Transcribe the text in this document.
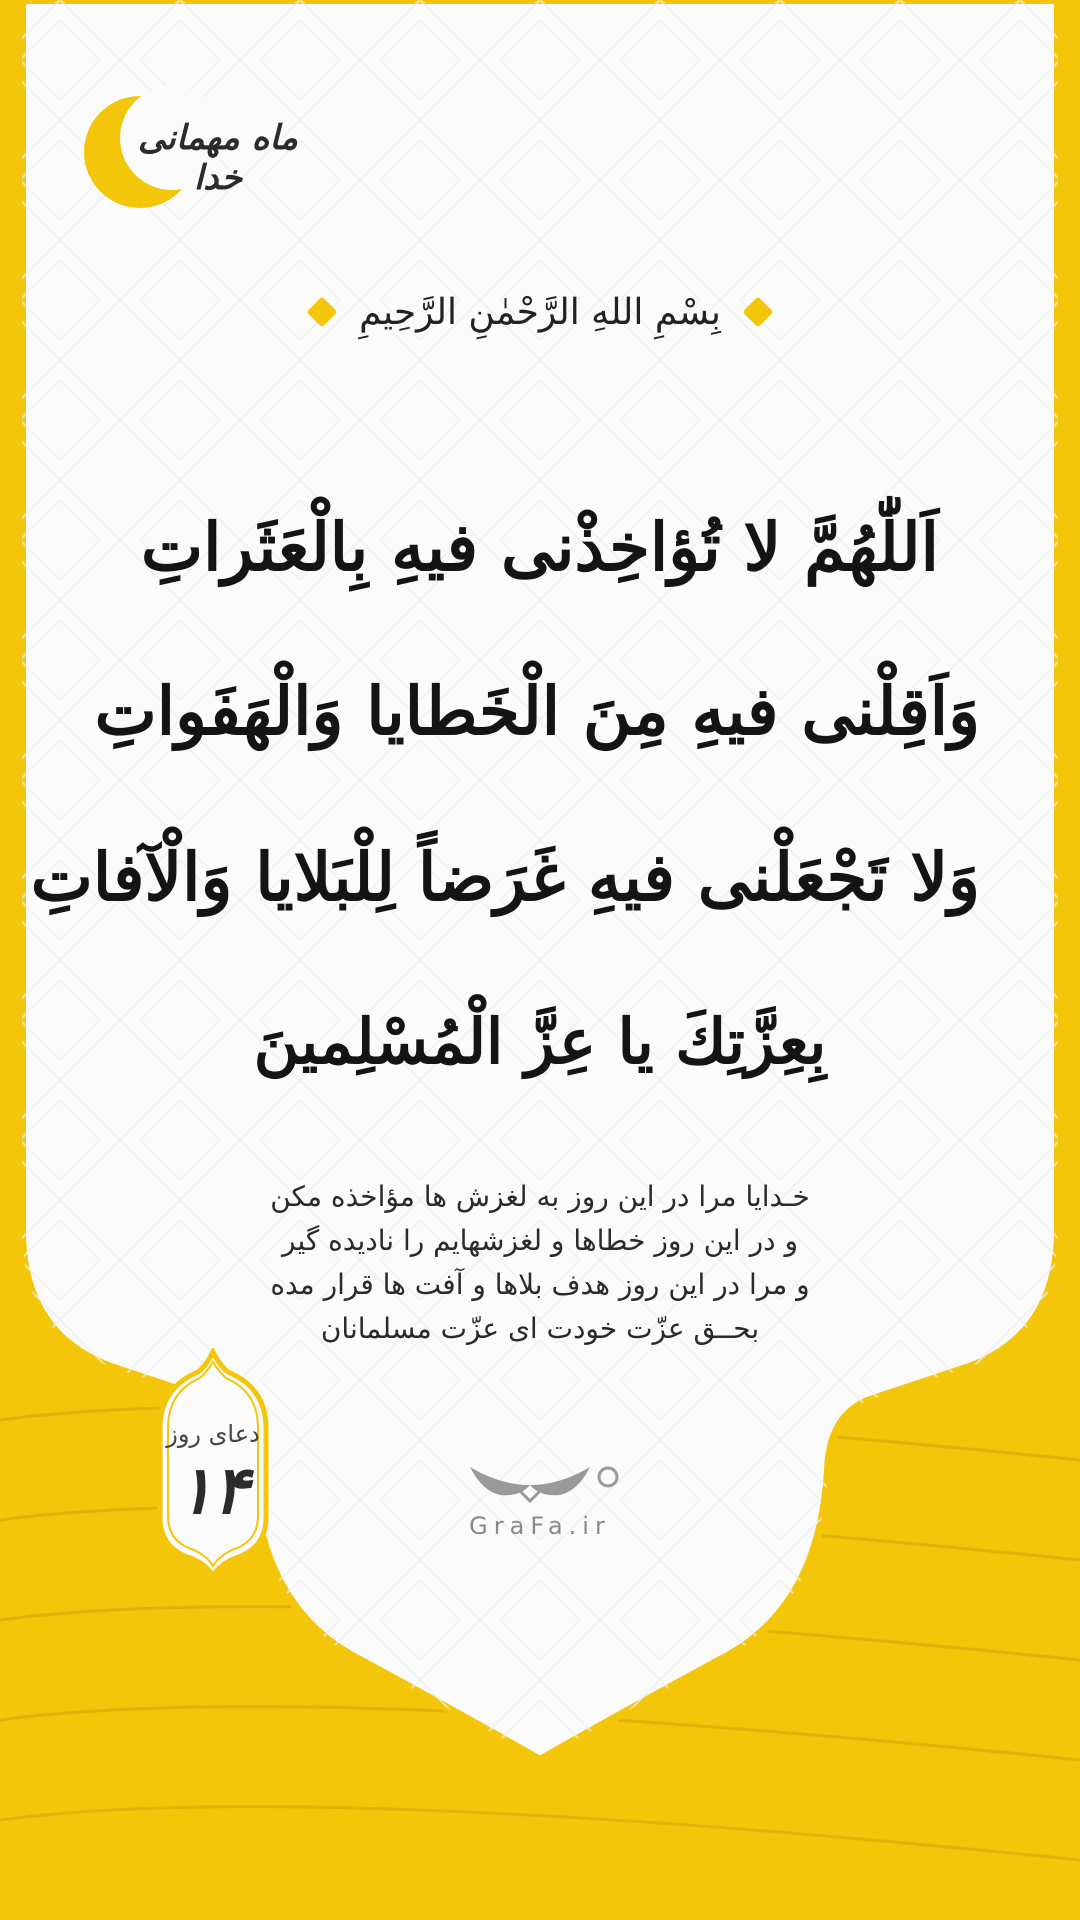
ماه مهمانی خدا
بِسْمِ اللهِ الرَّحْمٰنِ الرَّحِيمِ
اَللّٰهُمَّ لا تُؤاخِذْنى فيهِ بِالْعَثَراتِ
وَاَقِلْنى فيهِ مِنَ الْخَطايا وَالْهَفَواتِ
وَلا تَجْعَلْنى فيهِ غَرَضاً لِلْبَلايا وَالْآفاتِ
بِعِزَّتِكَ يا عِزَّ الْمُسْلِمينَ
خـدایا مرا در این روز به لغزش ها مؤاخذه مکن
و در این روز خطاها و لغزشهایم را نادیده گیر
و مرا در این روز هدف بلاها و آفت ها قرار مده
بحــق عزّت خودت ای عزّت مسلمانان
دعای روز
۱۴	GraFa.ir
